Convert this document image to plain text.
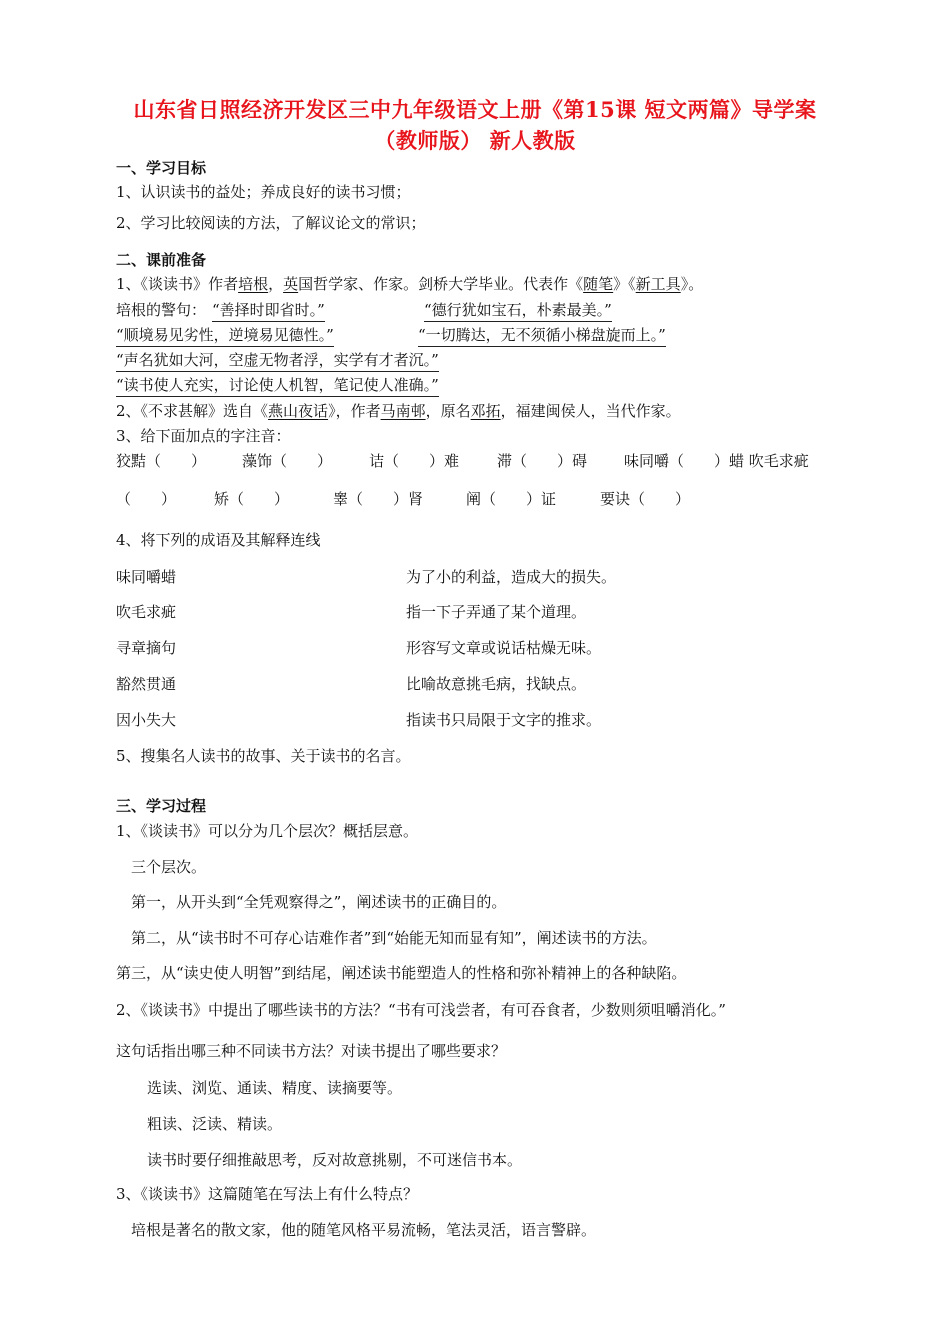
山东省日照经济开发区三中九年级语文上册《第15课 短文两篇》导学案
（教师版） 新人教版
一、学习目标
1、认识读书的益处；养成良好的读书习惯；
2、学习比较阅读的方法，了解议论文的常识；
二、课前准备
1、《谈读书》作者培根，英国哲学家、作家。剑桥大学毕业。代表作《随笔》《新工具》。
培根的警句： “善择时即省时。”	“德行犹如宝石，朴素最美。”
“顺境易见劣性，逆境易见德性。”	“一切腾达，无不须循小梯盘旋而上。”
“声名犹如大河，空虚无物者浮，实学有才者沉。”
“读书使人充实，讨论使人机智，笔记使人准确。”
2、《不求甚解》选自《燕山夜话》，作者马南邨，原名邓拓，福建闽侯人，当代作家。
3、给下面加点的字注音：
狡黠（　　） 藻饰（　　） 诘（　　）难	滞（　　）碍 味同嚼（　　）蜡 吹毛求疵
（　　）	矫（　　）	睾（　　）肾	阐（　　）证	要诀（　　）
4、将下列的成语及其解释连线
味同嚼蜡	为了小的利益，造成大的损失。
吹毛求疵	指一下子弄通了某个道理。
寻章摘句	形容写文章或说话枯燥无味。
豁然贯通	比喻故意挑毛病，找缺点。
因小失大	指读书只局限于文字的推求。
5、搜集名人读书的故事、关于读书的名言。
三、学习过程
1、《谈读书》可以分为几个层次？概括层意。
三个层次。
第一，从开头到“全凭观察得之”，阐述读书的正确目的。
第二，从“读书时不可存心诘难作者”到“始能无知而显有知”，阐述读书的方法。
第三，从“读史使人明智”到结尾，阐述读书能塑造人的性格和弥补精神上的各种缺陷。
2、《谈读书》中提出了哪些读书的方法？“书有可浅尝者，有可吞食者，少数则须咀嚼消化。”
这句话指出哪三种不同读书方法？对读书提出了哪些要求？
选读、浏览、通读、精度、读摘要等。
粗读、泛读、精读。
读书时要仔细推敲思考，反对故意挑剔，不可迷信书本。
3、《谈读书》这篇随笔在写法上有什么特点？
培根是著名的散文家，他的随笔风格平易流畅，笔法灵活，语言警辟。
